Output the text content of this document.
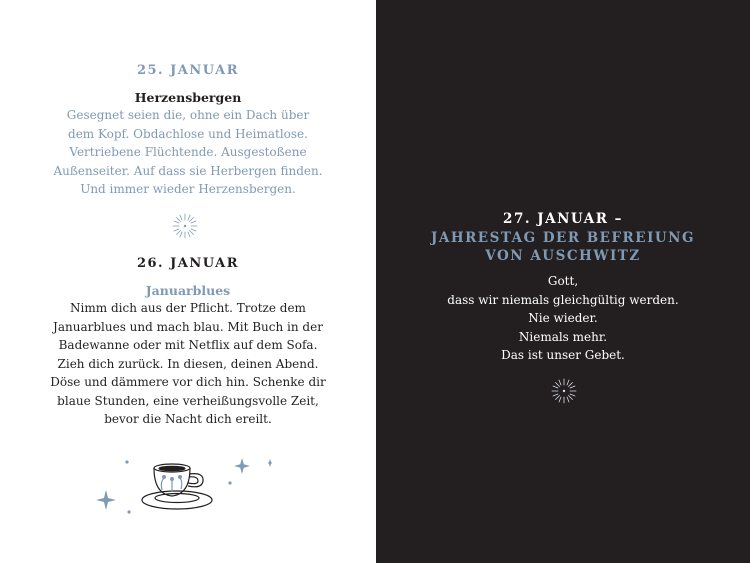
25. JANUAR
Herzensbergen
Gesegnet seien die, ohne ein Dach über
dem Kopf. Obdachlose und Heimatlose.
Vertriebene Flüchtende. Ausgestoßene
Außenseiter. Auf dass sie Herbergen finden.
Und immer wieder Herzensbergen.
26. JANUAR
Januarblues
Nimm dich aus der Pflicht. Trotze dem
Januarblues und mach blau. Mit Buch in der
Badewanne oder mit Netflix auf dem Sofa.
Zieh dich zurück. In diesen, deinen Abend.
Döse und dämmere vor dich hin. Schenke dir
blaue Stunden, eine verheißungsvolle Zeit,
bevor die Nacht dich ereilt.
27. JANUAR –
JAHRESTAG DER BEFREIUNG
VON AUSCHWITZ
Gott,
dass wir niemals gleichgültig werden.
Nie wieder.
Niemals mehr.
Das ist unser Gebet.
